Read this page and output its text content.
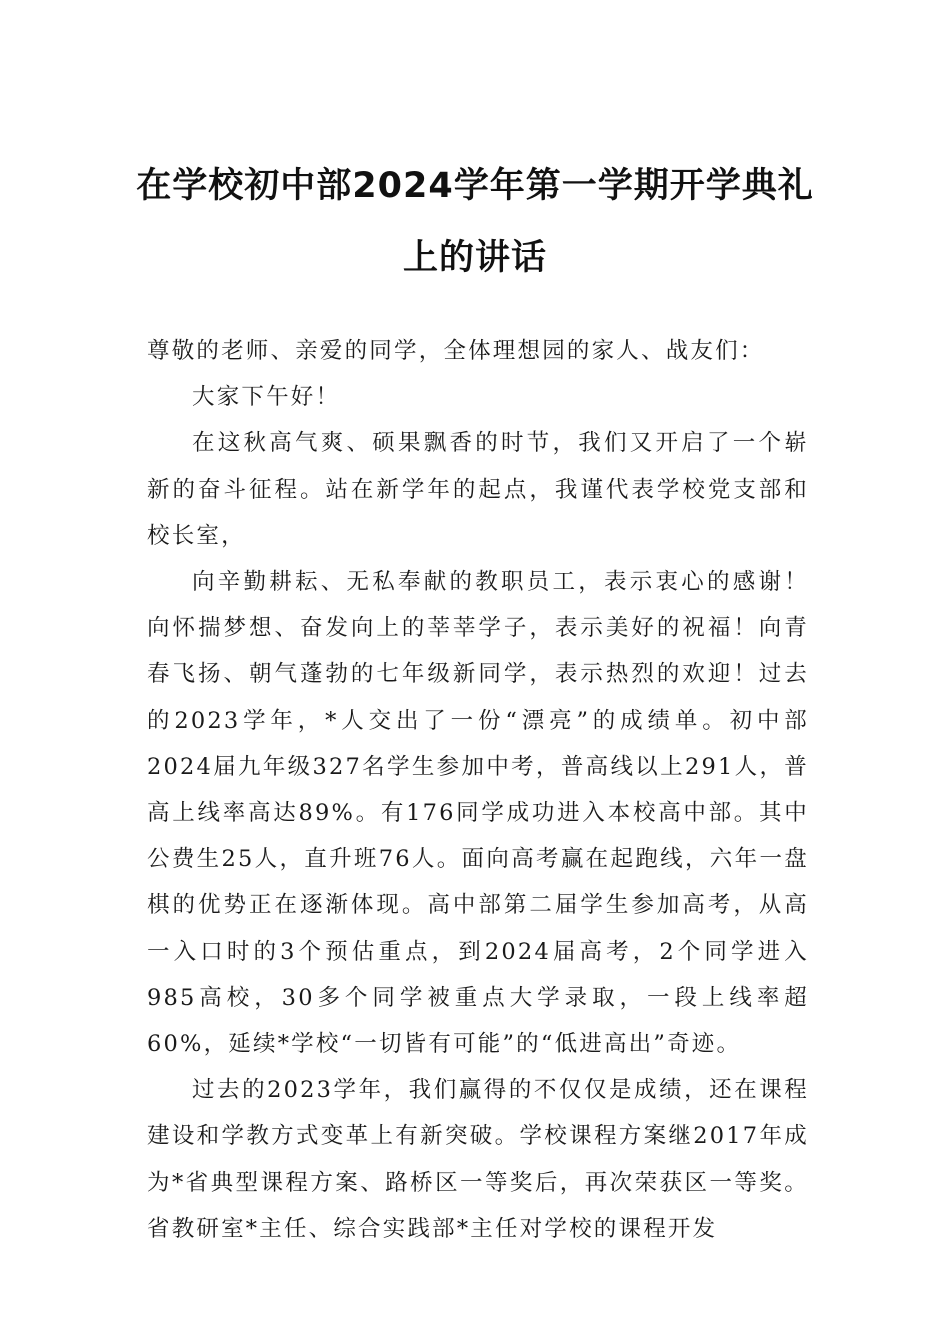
在学校初中部2024学年第一学期开学典礼上的讲话

尊敬的老师、亲爱的同学，全体理想园的家人、战友们：

大家下午好！

在这秋高气爽、硕果飘香的时节，我们又开启了一个崭新的奋斗征程。站在新学年的起点，我谨代表学校党支部和校长室，

向辛勤耕耘、无私奉献的教职员工，表示衷心的感谢！向怀揣梦想、奋发向上的莘莘学子，表示美好的祝福！向青春飞扬、朝气蓬勃的七年级新同学，表示热烈的欢迎！过去的2023学年，*人交出了一份“漂亮”的成绩单。初中部2024届九年级327名学生参加中考，普高线以上291人，普高上线率高达89%。有176同学成功进入本校高中部。其中公费生25人，直升班76人。面向高考赢在起跑线，六年一盘棋的优势正在逐渐体现。高中部第二届学生参加高考，从高一入口时的3个预估重点，到2024届高考，2个同学进入985高校，30多个同学被重点大学录取，一段上线率超60%，延续*学校“一切皆有可能”的“低进高出”奇迹。

过去的2023学年，我们赢得的不仅仅是成绩，还在课程建设和学教方式变革上有新突破。学校课程方案继2017年成为*省典型课程方案、路桥区一等奖后，再次荣获区一等奖。省教研室*主任、综合实践部*主任对学校的课程开发
